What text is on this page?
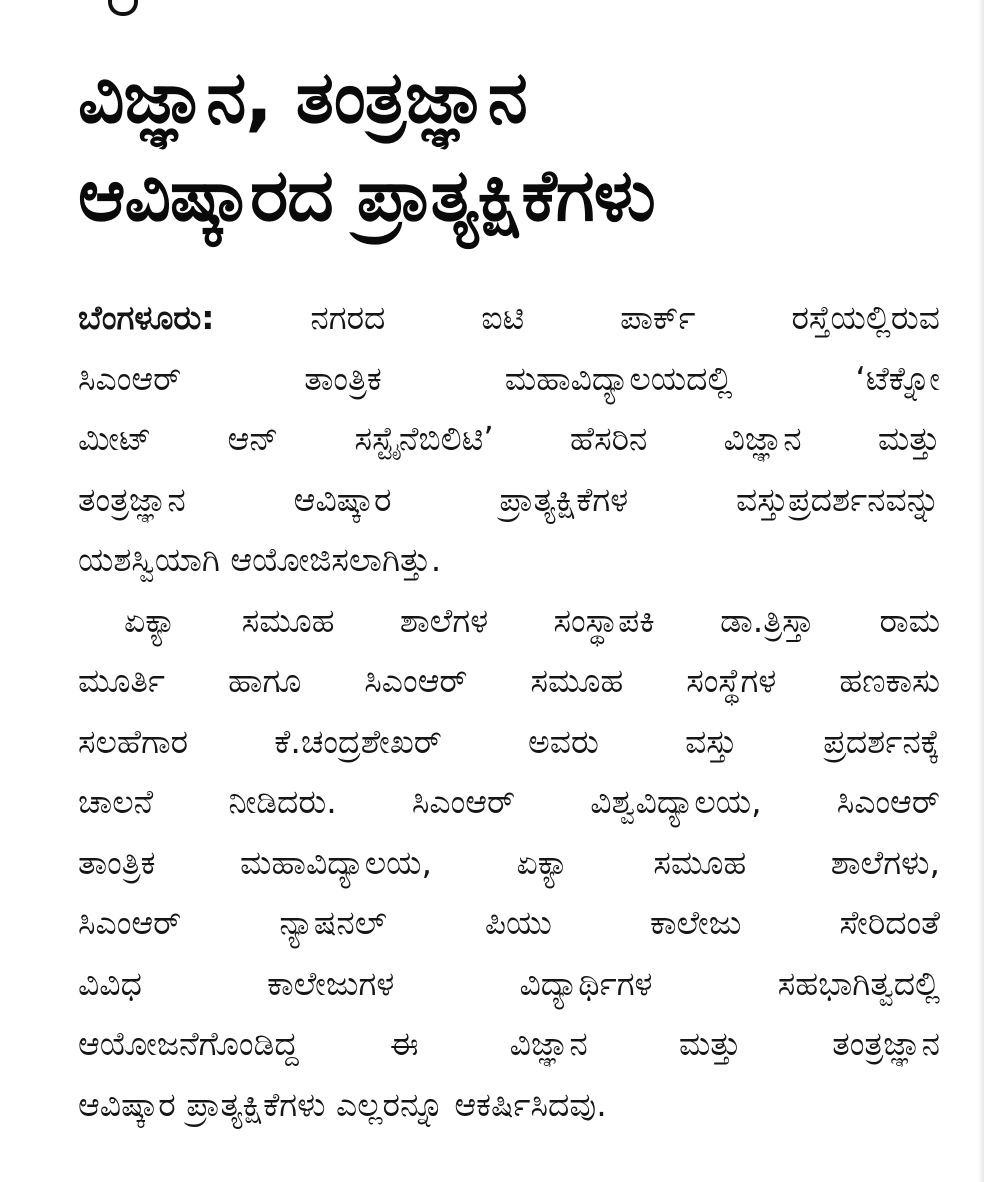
ವಿಜ್ಞಾನ, ತಂತ್ರಜ್ಞಾನ
ಆವಿಷ್ಕಾರದ ಪ್ರಾತ್ಯಕ್ಷಿಕೆಗಳು
ಬೆಂಗಳೂರು:	ನಗರದ ಐಟಿ ಪಾರ್ಕ್ ರಸ್ತೆಯಲ್ಲಿರುವ
ಸಿಎಂಆರ್ ತಾಂತ್ರಿಕ ಮಹಾವಿದ್ಯಾಲಯದಲ್ಲಿ ‘ಟೆಕ್ನೋ
ಮೀಟ್ ಆನ್ ಸಸ್ಟೈನೆಬಿಲಿಟಿ’ ಹೆಸರಿನ ವಿಜ್ಞಾನ ಮತ್ತು
ತಂತ್ರಜ್ಞಾನ ಆವಿಷ್ಕಾರ ಪ್ರಾತ್ಯಕ್ಷಿಕೆಗಳ ವಸ್ತುಪ್ರದರ್ಶನವನ್ನು
ಯಶಸ್ವಿಯಾಗಿ ಆಯೋಜಿಸಲಾಗಿತ್ತು.
ಏಕ್ಯಾ ಸಮೂಹ ಶಾಲೆಗಳ ಸಂಸ್ಥಾಪಕಿ ಡಾ.ತ್ರಿಸ್ತಾ ರಾಮ
ಮೂರ್ತಿ ಹಾಗೂ ಸಿಎಂಆರ್ ಸಮೂಹ ಸಂಸ್ಥೆಗಳ ಹಣಕಾಸು
ಸಲಹೆಗಾರ ಕೆ.ಚಂದ್ರಶೇಖರ್ ಅವರು ವಸ್ತು ಪ್ರದರ್ಶನಕ್ಕೆ
ಚಾಲನೆ ನೀಡಿದರು. ಸಿಎಂಆರ್ ವಿಶ್ವವಿದ್ಯಾಲಯ, ಸಿಎಂಆರ್
ತಾಂತ್ರಿಕ ಮಹಾವಿದ್ಯಾಲಯ, ಏಕ್ಯಾ ಸಮೂಹ ಶಾಲೆಗಳು,
ಸಿಎಂಆರ್ ನ್ಯಾಷನಲ್ ಪಿಯು ಕಾಲೇಜು ಸೇರಿದಂತೆ
ವಿವಿಧ ಕಾಲೇಜುಗಳ ವಿದ್ಯಾರ್ಥಿಗಳ ಸಹಭಾಗಿತ್ವದಲ್ಲಿ
ಆಯೋಜನೆಗೊಂಡಿದ್ದ ಈ ವಿಜ್ಞಾನ ಮತ್ತು ತಂತ್ರಜ್ಞಾನ
ಆವಿಷ್ಕಾರ ಪ್ರಾತ್ಯಕ್ಷಿಕೆಗಳು ಎಲ್ಲರನ್ನೂ ಆಕರ್ಷಿಸಿದವು.
